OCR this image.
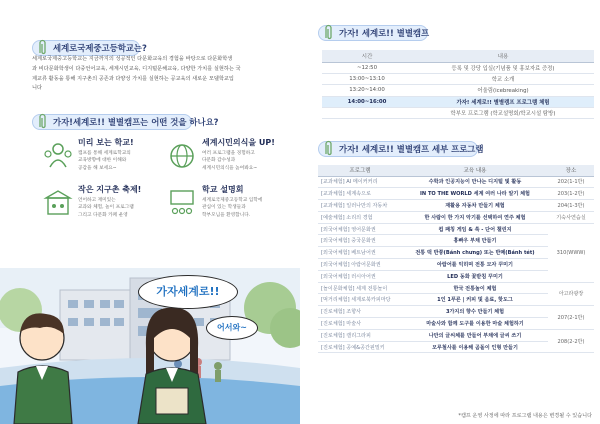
세계로국제중고등학교는?
세계로국제중고등학교는 지금까지의 성공적인 다문화교육의 경험을 바탕으로 다문화학생
과 비다문화학생이 다중언어교육, 세계시민교육, 디지털문해교육, 다양한 가치를 실현하는 국
제교류 활동을 통해 지구촌의 공존과 다양성 가치를 실현하는 공교육의 새로운 모델학교입
니다
가자!세계로!! 별별캠프는 어떤 것을 하나요?
미리 보는 학교!
캠프를 통해 세계로학교의
교육방향에 대한 이해와
공감을 해 보세요~
세계시민의식을 UP!
여러 프로그램을 경험하고
다문화 감수성과
세계시민의식을 높여봐요~
작은 지구촌 축제!
언어하고 재미있는
교과와 체험, 놀이 프로그램
그리고 다문화 카페 운영
학교 설명회
세계로국제중고등학교 입학에
관심이 있는 학생들과
학부모님을 환영합니다.
가자세계로!!
어서와~
가자! 세계로!! 별별캠프
시간	내용
~12:50	등록 및 강당 입실(기념품 및 홍보자료 증정)
13:00~13:10	학교 소개
13:20~14:00	어울림(icebreaking)
14:00~16:00	가자! 세계로!! 별별캠프 프로그램 체험
	학부모 프로그램 (학교설명회/학교시설 탐방)
가자! 세계로!! 별별캠프 세부 프로그램
프로그램	교육 내용	장소
[교과체험] AI 메이커커리	수학과 인공지능이 만나는 디지털 빛 활동	202(1-1반)
[교과체험] 세계속으로	IN TO THE WORLD 세계 여러 나라 알기 체험	203(1-2반)
[교과체험] 일러나만의 자동차	재활용 자동차 만들기 체험	204(1-3반)
[예술체험] 소리의 경험	한 사람이 한 가지 악기를 선택하여 연주 체험	기숙사연습실
[외국어체험] 영어문화권	컵 패칭 게임 & 쏙 - 단어 챌린지	310(WWW)
[외국어체험] 중국문화권	홍빠우 부채 만들기	
[외국어체험] 베트남어권	전통 떡 반쭝(Bánh chưng) 또는 반떼(Bánh tét)	
[외국어체험] 아랍어문화권	아랍어를 익히며 전통 모자 꾸미기	
[외국어체험] 러시아어권	LED 동화 꽃받침 꾸미기	
[놀이문화체험] 세계 전통놀이	한국 전통놀이 체험	아고라광장
[먹거리체험] 세계로북카피마당	1인 1푸른 | 커피 및 음료, 핫도그	
[진로체험] 조향사	3가지의 향수 만들기 체험	207(2-1반)
[진로체험] 마술사	마술사와 함께 도구를 이용한 마술 체험하기	
[진로체험] 캘리그라피	나만의 글씨체를 만들어 부채에 글씨 쓰기	208(2-2반)
[진로체험] 공예&공간핀밀키	모루철사를 이용해 곰돌이 인형 만들기	
*캠프 운영 사정에 따라 프로그램 내용은 변경될 수 있습니다
